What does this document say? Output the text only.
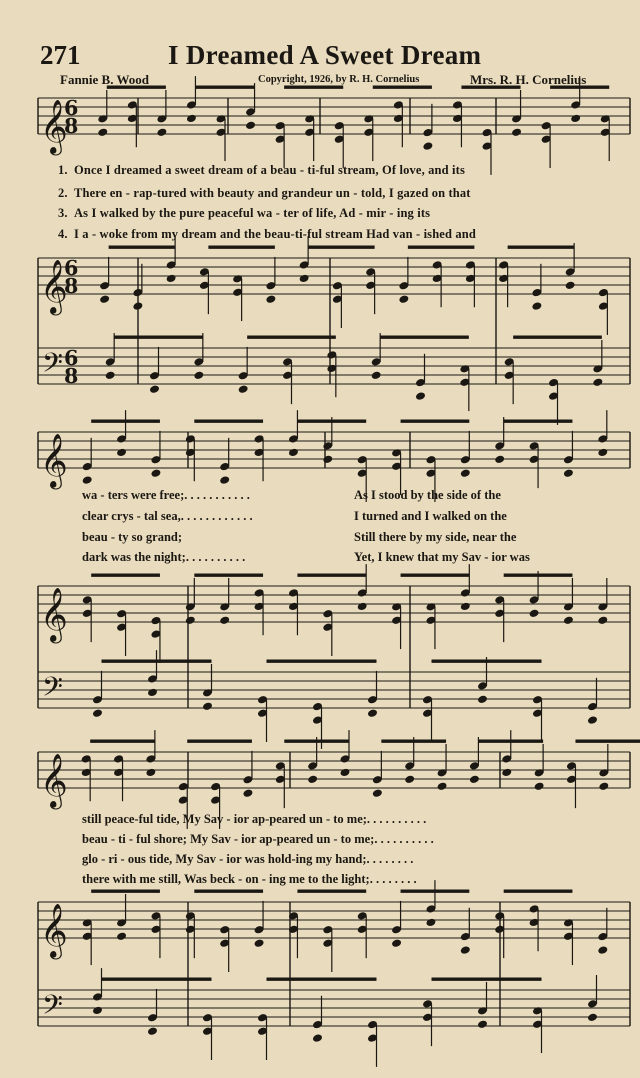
271	I Dreamed A Sweet Dream
Fannie B. Wood	Copyright, 1926, by R. H. Cornelius	Mrs. R. H. Cornelius
𝄞
6
8
𝄞
6
8
𝄢 6
8
𝄞
𝄞
𝄢
𝄞
𝄞
𝄢
1. Once I dreamed a sweet dream of a beau - ti-ful stream, Of love, and its
2. There en - rap-tured with beauty and grandeur un - told, I gazed on that
3. As I walked by the pure peaceful wa - ter of life, Ad - mir - ing its
4. I a - woke from my dream and the beau-ti-ful stream Had van - ished and
wa - ters were free;. . . . . . . . . . .	As I stood by the side of the
clear crys - tal sea,. . . . . . . . . . . .	I turned and I walked on the
beau - ty so grand;	Still there by my side, near the
dark was the night;. . . . . . . . . .	Yet, I knew that my Sav - ior was
still peace-ful tide, My Sav - ior ap-peared un - to me;. . . . . . . . . .
beau - ti - ful shore; My Sav - ior ap-peared un - to me;. . . . . . . . . .
glo - ri - ous tide, My Sav - ior was hold-ing my hand;. . . . . . . .
there with me still, Was beck - on - ing me to the light;. . . . . . . .
